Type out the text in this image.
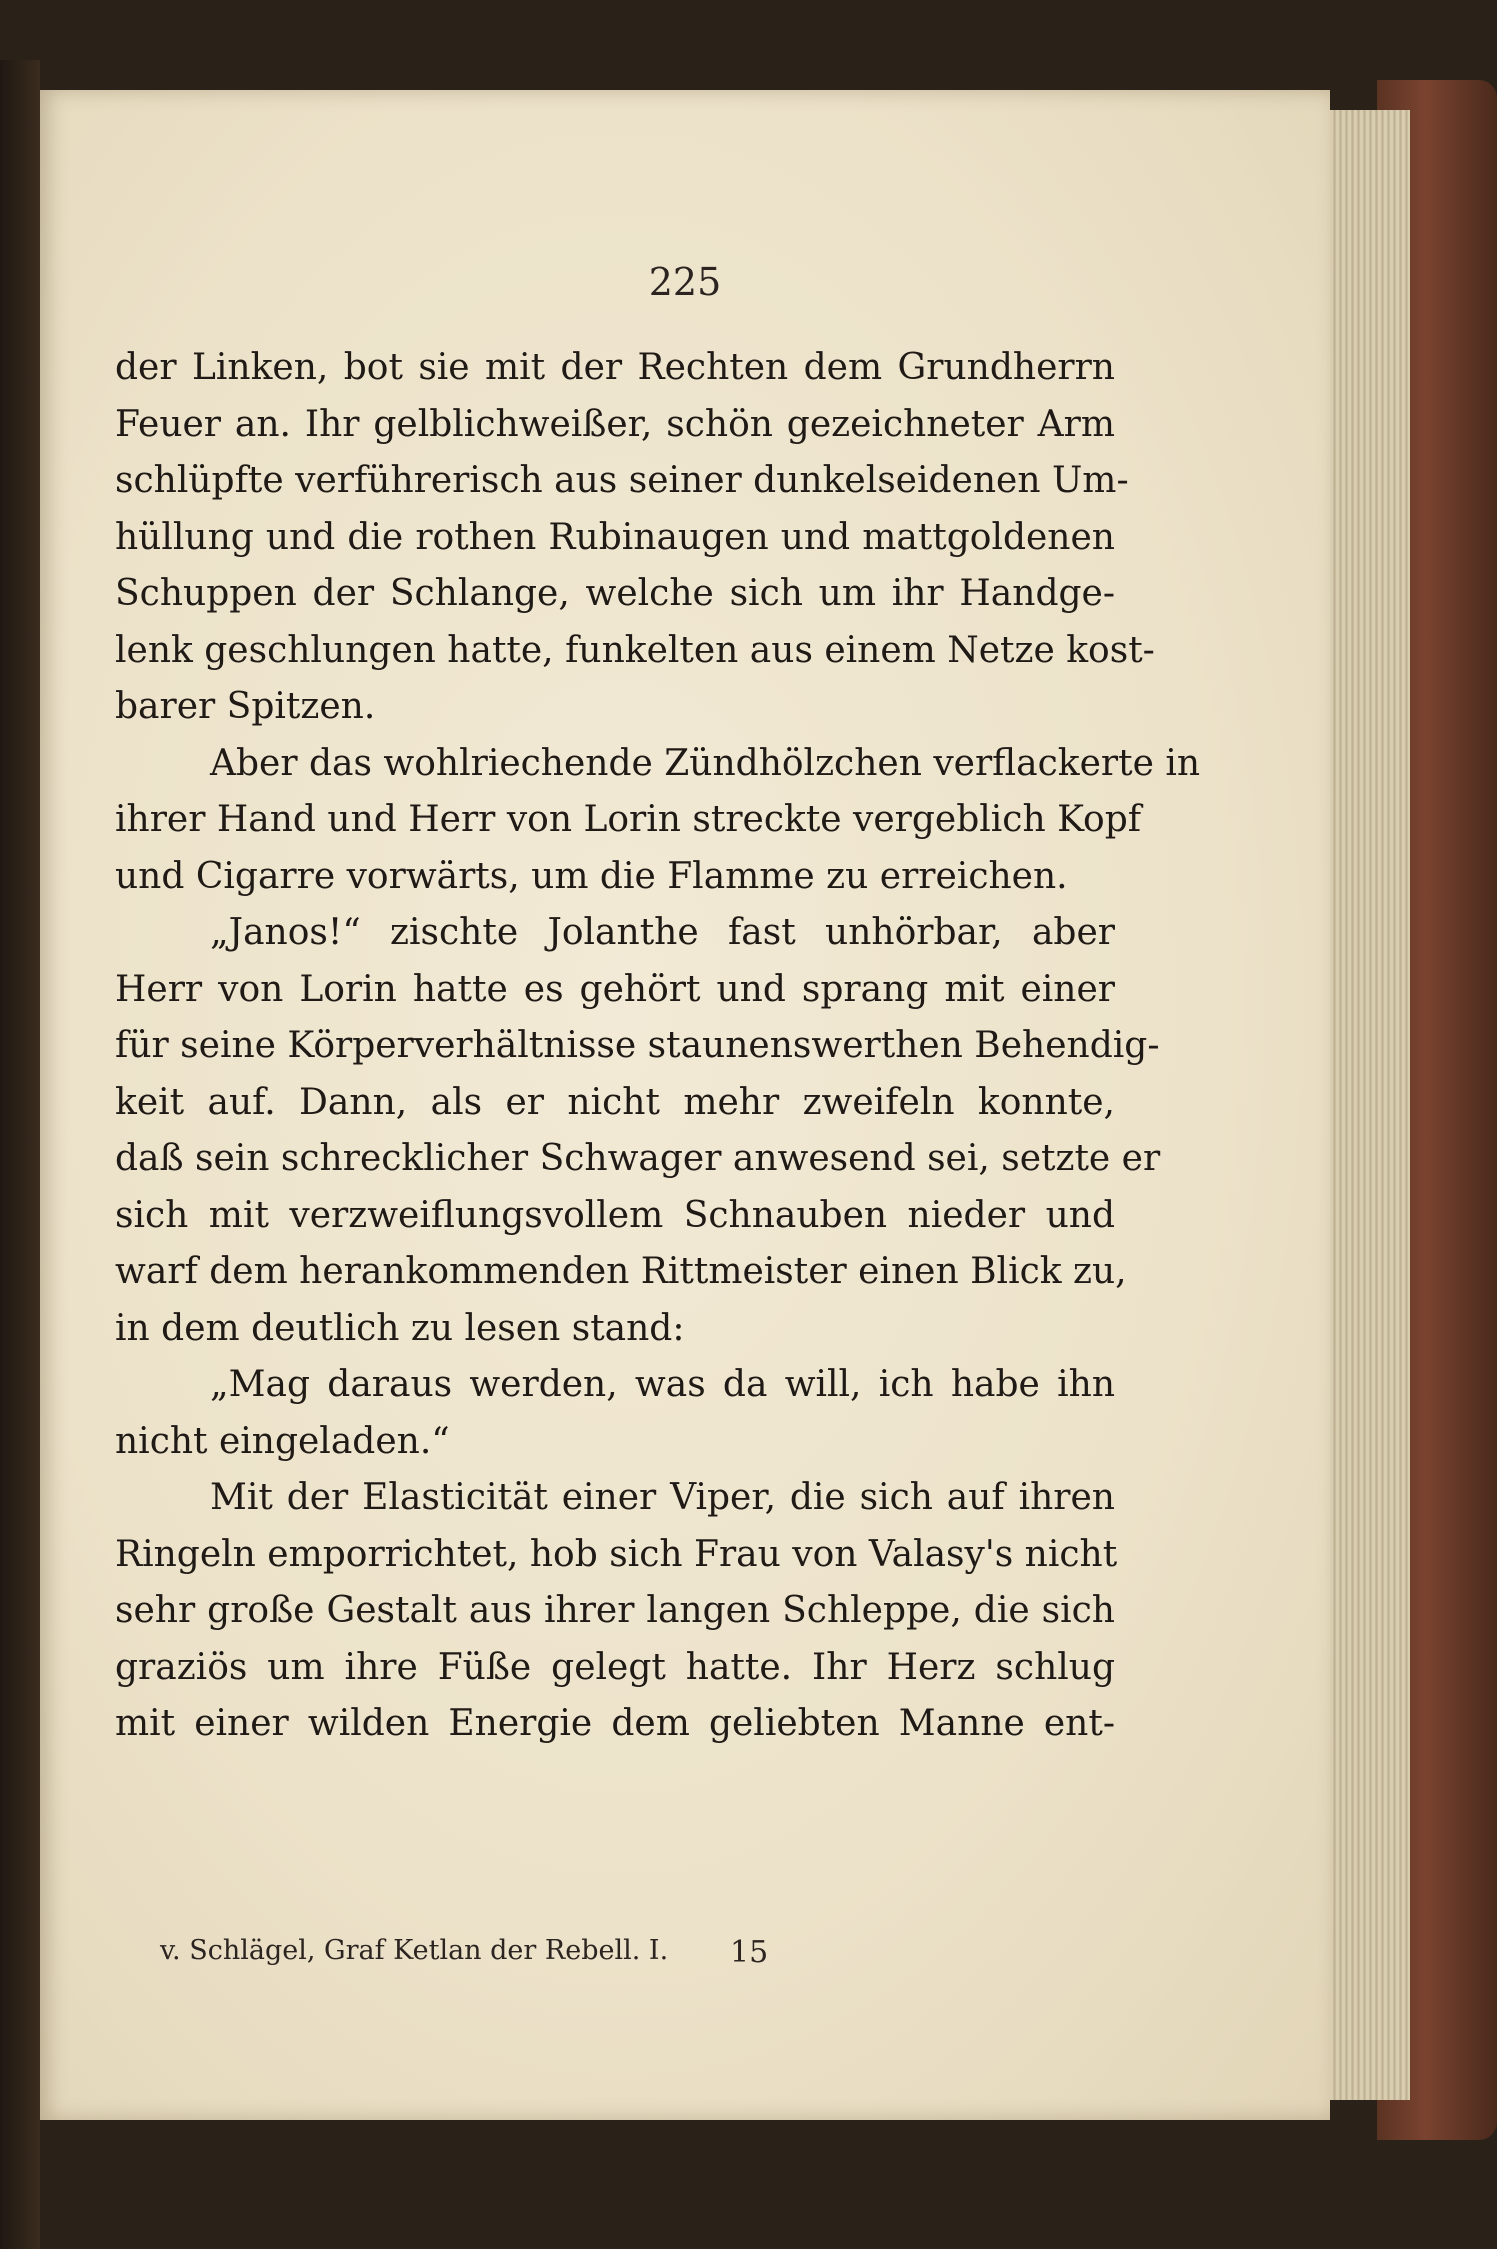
225
der Linken, bot sie mit der Rechten dem Grundherrn
Feuer an. Ihr gelblichweißer, schön gezeichneter Arm
schlüpfte verführerisch aus seiner dunkelseidenen Um-
hüllung und die rothen Rubinaugen und mattgoldenen
Schuppen der Schlange, welche sich um ihr Handge-
lenk geschlungen hatte, funkelten aus einem Netze kost-
barer Spitzen.
Aber das wohlriechende Zündhölzchen verflackerte in
ihrer Hand und Herr von Lorin streckte vergeblich Kopf
und Cigarre vorwärts, um die Flamme zu erreichen.
„Janos!“ zischte Jolanthe fast unhörbar, aber
Herr von Lorin hatte es gehört und sprang mit einer
für seine Körperverhältnisse staunenswerthen Behendig-
keit auf. Dann, als er nicht mehr zweifeln konnte,
daß sein schrecklicher Schwager anwesend sei, setzte er
sich mit verzweiflungsvollem Schnauben nieder und
warf dem herankommenden Rittmeister einen Blick zu,
in dem deutlich zu lesen stand:
„Mag daraus werden, was da will, ich habe ihn
nicht eingeladen.“
Mit der Elasticität einer Viper, die sich auf ihren
Ringeln emporrichtet, hob sich Frau von Valasy's nicht
sehr große Gestalt aus ihrer langen Schleppe, die sich
graziös um ihre Füße gelegt hatte. Ihr Herz schlug
mit einer wilden Energie dem geliebten Manne ent-
v. Schlägel, Graf Ketlan der Rebell. I. 15
